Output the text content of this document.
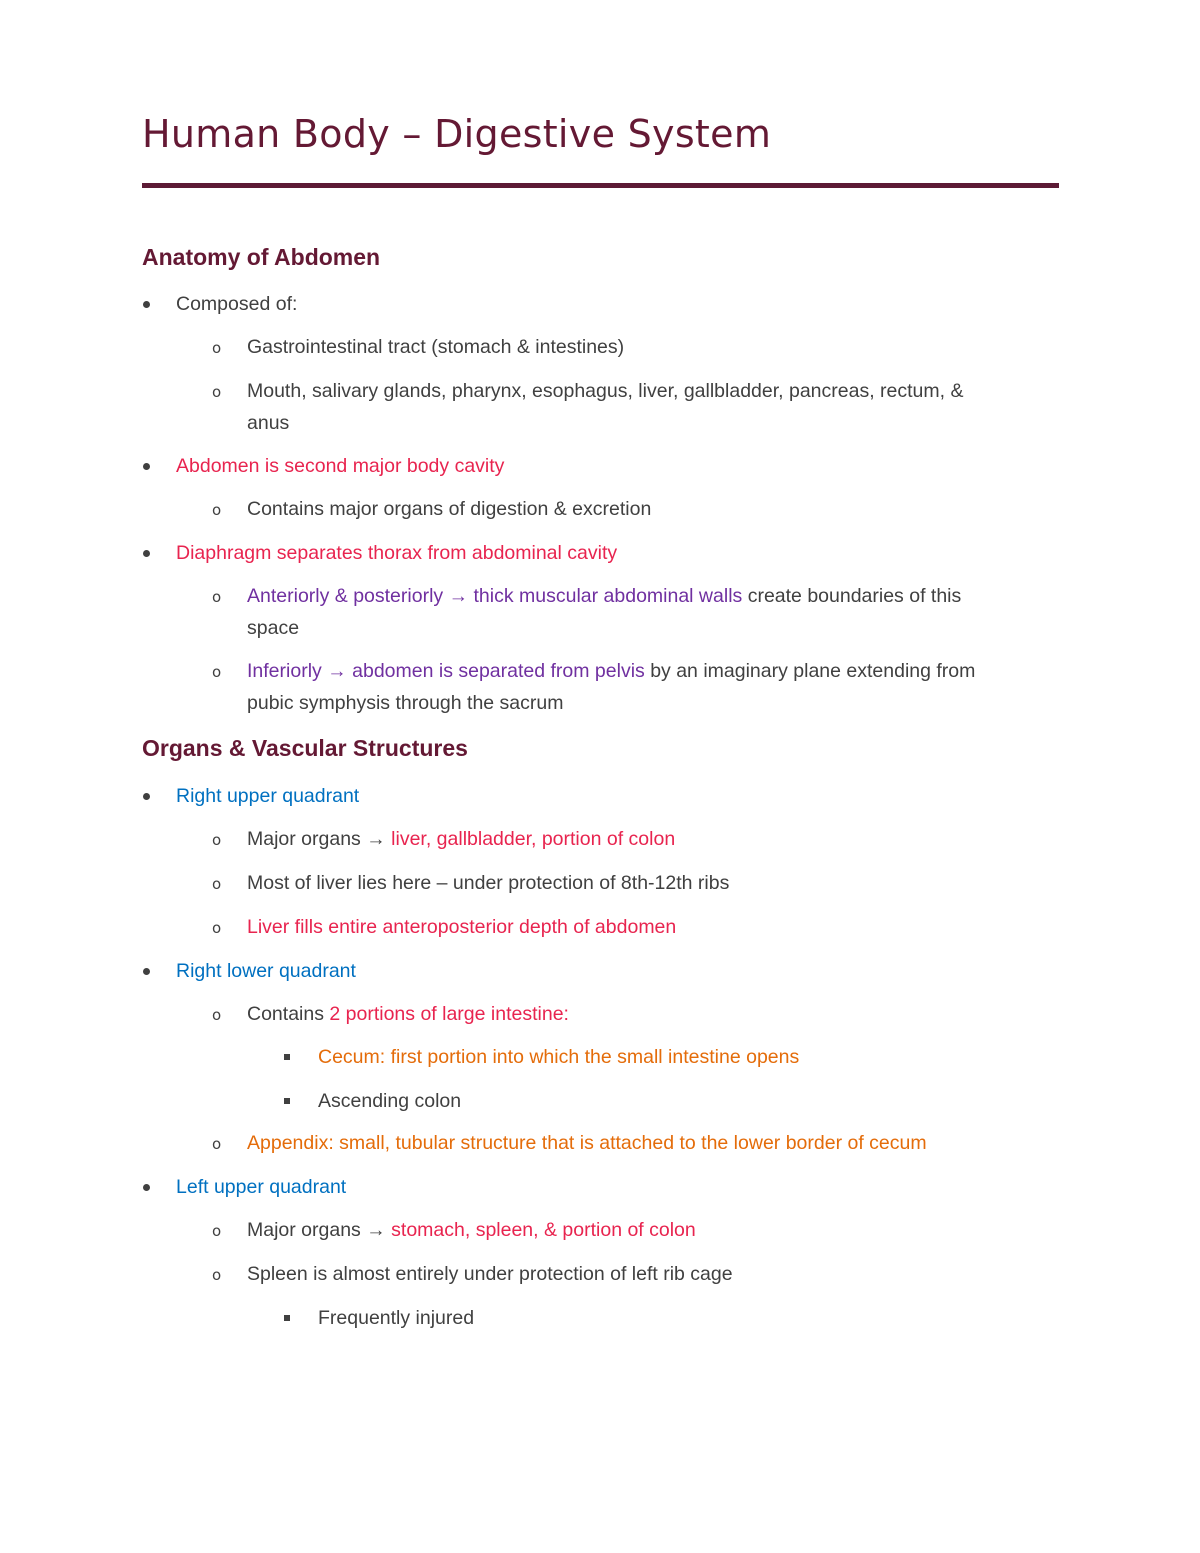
Human Body – Digestive System
Anatomy of Abdomen
Composed of:
o Gastrointestinal tract (stomach & intestines)
o Mouth, salivary glands, pharynx, esophagus, liver, gallbladder, pancreas, rectum, &
anus
Abdomen is second major body cavity
o Contains major organs of digestion & excretion
Diaphragm separates thorax from abdominal cavity
o Anteriorly & posteriorly → thick muscular abdominal walls create boundaries of this
space
o Inferiorly → abdomen is separated from pelvis by an imaginary plane extending from
pubic symphysis through the sacrum
Organs & Vascular Structures
Right upper quadrant
o Major organs → liver, gallbladder, portion of colon
o Most of liver lies here – under protection of 8th-12th ribs
o Liver fills entire anteroposterior depth of abdomen
Right lower quadrant
o Contains 2 portions of large intestine:
Cecum: first portion into which the small intestine opens
Ascending colon
o Appendix: small, tubular structure that is attached to the lower border of cecum
Left upper quadrant
o Major organs → stomach, spleen, & portion of colon
o Spleen is almost entirely under protection of left rib cage
Frequently injured
